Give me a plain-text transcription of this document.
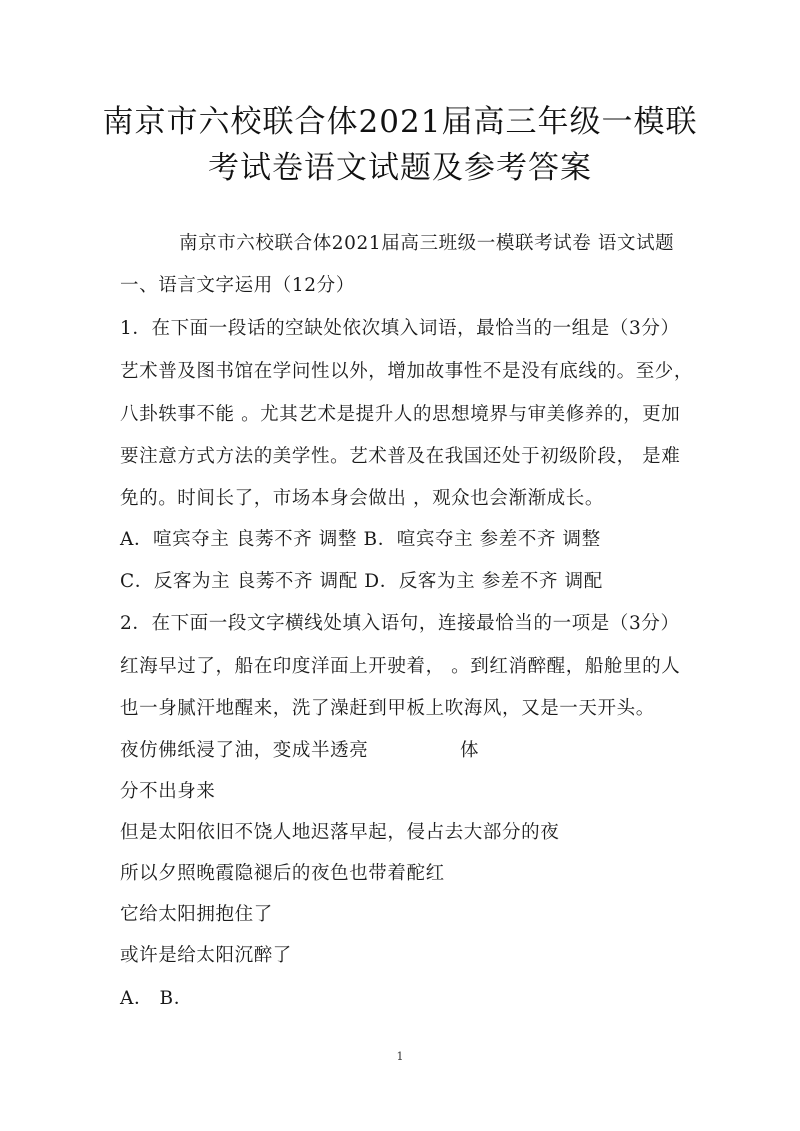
南京市六校联合体2021届高三年级一模联
考试卷语文试题及参考答案
南京市六校联合体2021届高三班级一模联考试卷 语文试题
一、语言文字运用（12分）
1．在下面一段话的空缺处依次填入词语，最恰当的一组是（3分）
艺术普及图书馆在学问性以外，增加故事性不是没有底线的。至少，
八卦轶事不能 。尤其艺术是提升人的思想境界与审美修养的，更加
要注意方式方法的美学性。艺术普及在我国还处于初级阶段， 是难
免的。时间长了，市场本身会做出 ，观众也会渐渐成长。
A．喧宾夺主 良莠不齐 调整 B．喧宾夺主 参差不齐 调整
C．反客为主 良莠不齐 调配 D．反客为主 参差不齐 调配
2．在下面一段文字横线处填入语句，连接最恰当的一项是（3分）
红海早过了，船在印度洋面上开驶着， 。到红消醉醒，船舱里的人
也一身腻汗地醒来，洗了澡赶到甲板上吹海风，又是一天开头。
夜仿佛纸浸了油，变成半透亮	体
分不出身来
但是太阳依旧不饶人地迟落早起，侵占去大部分的夜
所以夕照晚霞隐褪后的夜色也带着酡红
它给太阳拥抱住了
或许是给太阳沉醉了
A． B．
1
